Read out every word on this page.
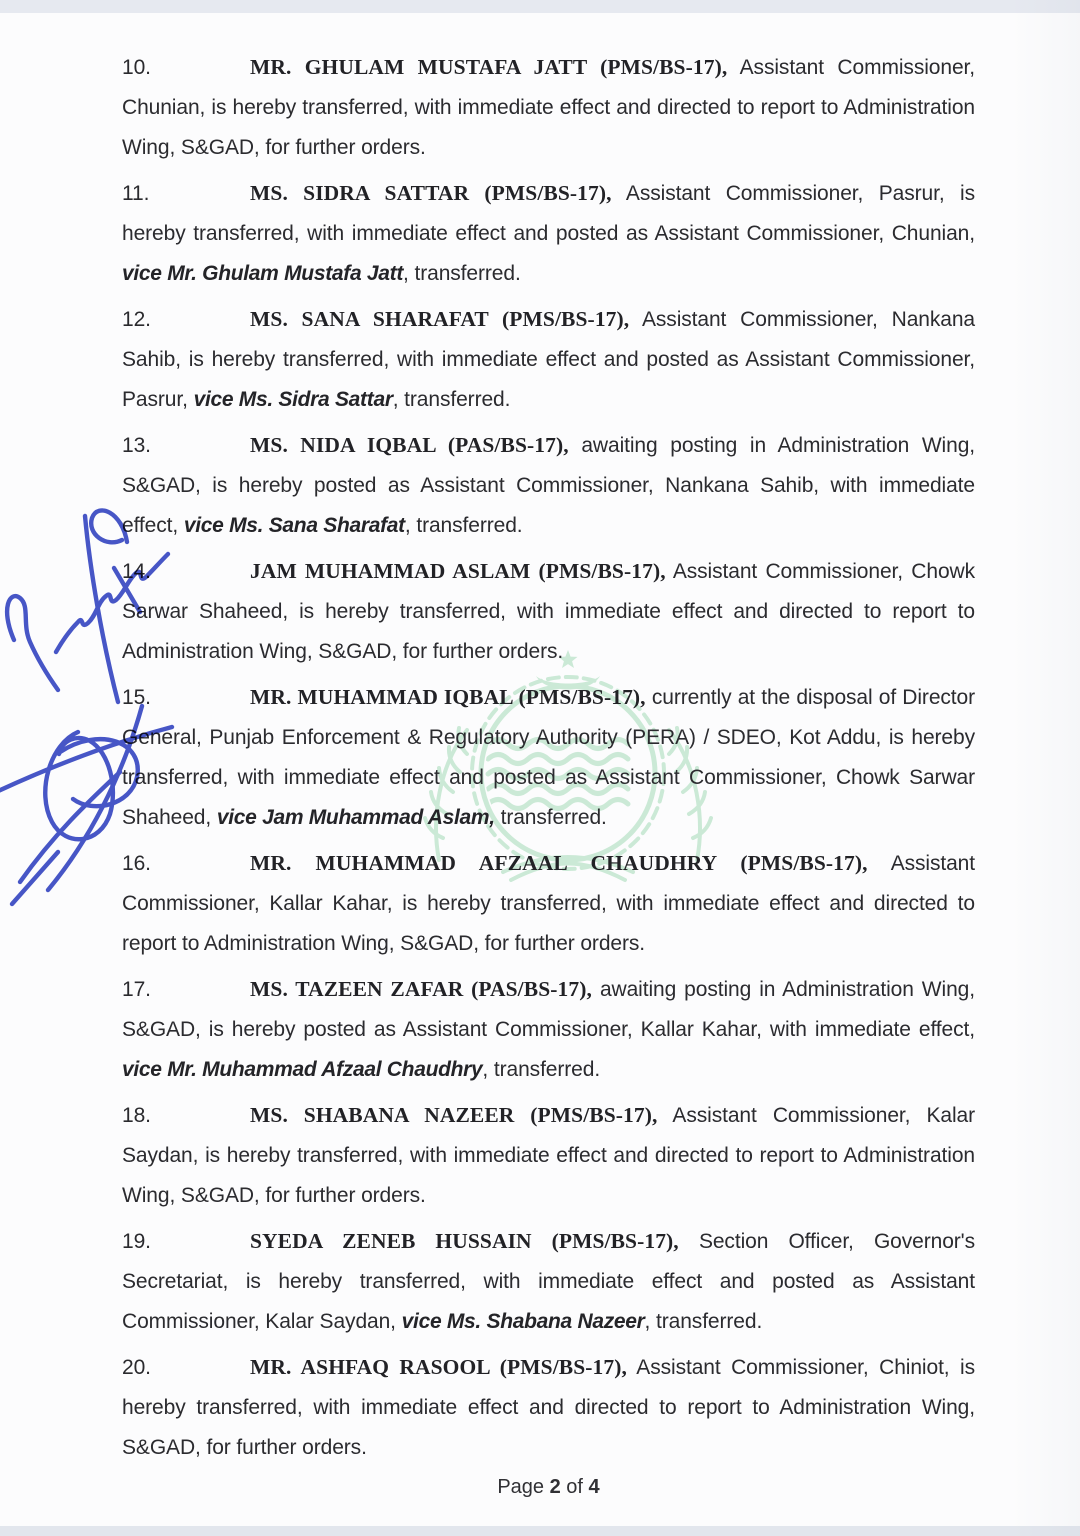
10.	MR. GHULAM MUSTAFA JATT (PMS/BS-17), Assistant Commissioner, Chunian, is hereby transferred, with immediate effect and directed to report to Administration Wing, S&GAD, for further orders.

11.	MS. SIDRA SATTAR (PMS/BS-17), Assistant Commissioner, Pasrur, is hereby transferred, with immediate effect and posted as Assistant Commissioner, Chunian, vice Mr. Ghulam Mustafa Jatt, transferred.

12.	MS. SANA SHARAFAT (PMS/BS-17), Assistant Commissioner, Nankana Sahib, is hereby transferred, with immediate effect and posted as Assistant Commissioner, Pasrur, vice Ms. Sidra Sattar, transferred.

13.	MS. NIDA IQBAL (PAS/BS-17), awaiting posting in Administration Wing, S&GAD, is hereby posted as Assistant Commissioner, Nankana Sahib, with immediate effect, vice Ms. Sana Sharafat, transferred.

14.	JAM MUHAMMAD ASLAM (PMS/BS-17), Assistant Commissioner, Chowk Sarwar Shaheed, is hereby transferred, with immediate effect and directed to report to Administration Wing, S&GAD, for further orders.

15.	MR. MUHAMMAD IQBAL (PMS/BS-17), currently at the disposal of Director General, Punjab Enforcement & Regulatory Authority (PERA) / SDEO, Kot Addu, is hereby transferred, with immediate effect and posted as Assistant Commissioner, Chowk Sarwar Shaheed, vice Jam Muhammad Aslam, transferred.

16.	MR. MUHAMMAD AFZAAL CHAUDHRY (PMS/BS-17), Assistant Commissioner, Kallar Kahar, is hereby transferred, with immediate effect and directed to report to Administration Wing, S&GAD, for further orders.

17.	MS. TAZEEN ZAFAR (PAS/BS-17), awaiting posting in Administration Wing, S&GAD, is hereby posted as Assistant Commissioner, Kallar Kahar, with immediate effect, vice Mr. Muhammad Afzaal Chaudhry, transferred.

18.	MS. SHABANA NAZEER (PMS/BS-17), Assistant Commissioner, Kalar Saydan, is hereby transferred, with immediate effect and directed to report to Administration Wing, S&GAD, for further orders.

19.	SYEDA ZENEB HUSSAIN (PMS/BS-17), Section Officer, Governor's Secretariat, is hereby transferred, with immediate effect and posted as Assistant Commissioner, Kalar Saydan, vice Ms. Shabana Nazeer, transferred.

20.	MR. ASHFAQ RASOOL (PMS/BS-17), Assistant Commissioner, Chiniot, is hereby transferred, with immediate effect and directed to report to Administration Wing, S&GAD, for further orders.

Page 2 of 4
